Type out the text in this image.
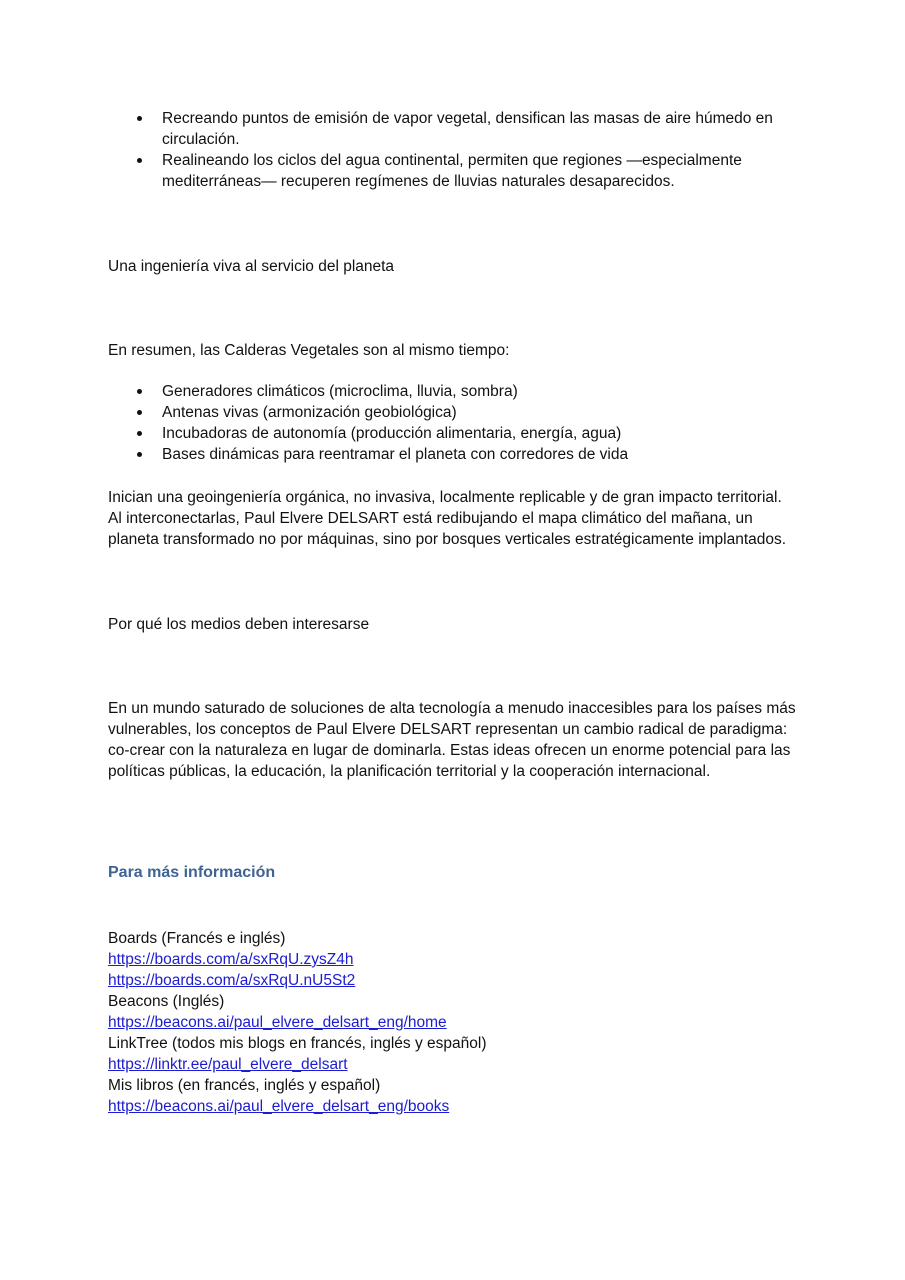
Recreando puntos de emisión de vapor vegetal, densifican las masas de aire húmedo en circulación.
Realineando los ciclos del agua continental, permiten que regiones —especialmente mediterráneas— recuperen regímenes de lluvias naturales desaparecidos.

Una ingeniería viva al servicio del planeta

En resumen, las Calderas Vegetales son al mismo tiempo:

Generadores climáticos (microclima, lluvia, sombra)
Antenas vivas (armonización geobiológica)
Incubadoras de autonomía (producción alimentaria, energía, agua)
Bases dinámicas para reentramar el planeta con corredores de vida

Inician una geoingeniería orgánica, no invasiva, localmente replicable y de gran impacto territorial. Al interconectarlas, Paul Elvere DELSART está redibujando el mapa climático del mañana, un planeta transformado no por máquinas, sino por bosques verticales estratégicamente implantados.

Por qué los medios deben interesarse

En un mundo saturado de soluciones de alta tecnología a menudo inaccesibles para los países más vulnerables, los conceptos de Paul Elvere DELSART representan un cambio radical de paradigma: co-crear con la naturaleza en lugar de dominarla. Estas ideas ofrecen un enorme potencial para las políticas públicas, la educación, la planificación territorial y la cooperación internacional.

Para más información

Boards (Francés e inglés)
https://boards.com/a/sxRqU.zysZ4h
https://boards.com/a/sxRqU.nU5St2
Beacons (Inglés)
https://beacons.ai/paul_elvere_delsart_eng/home
LinkTree (todos mis blogs en francés, inglés y español)
https://linktr.ee/paul_elvere_delsart
Mis libros (en francés, inglés y español)
https://beacons.ai/paul_elvere_delsart_eng/books
